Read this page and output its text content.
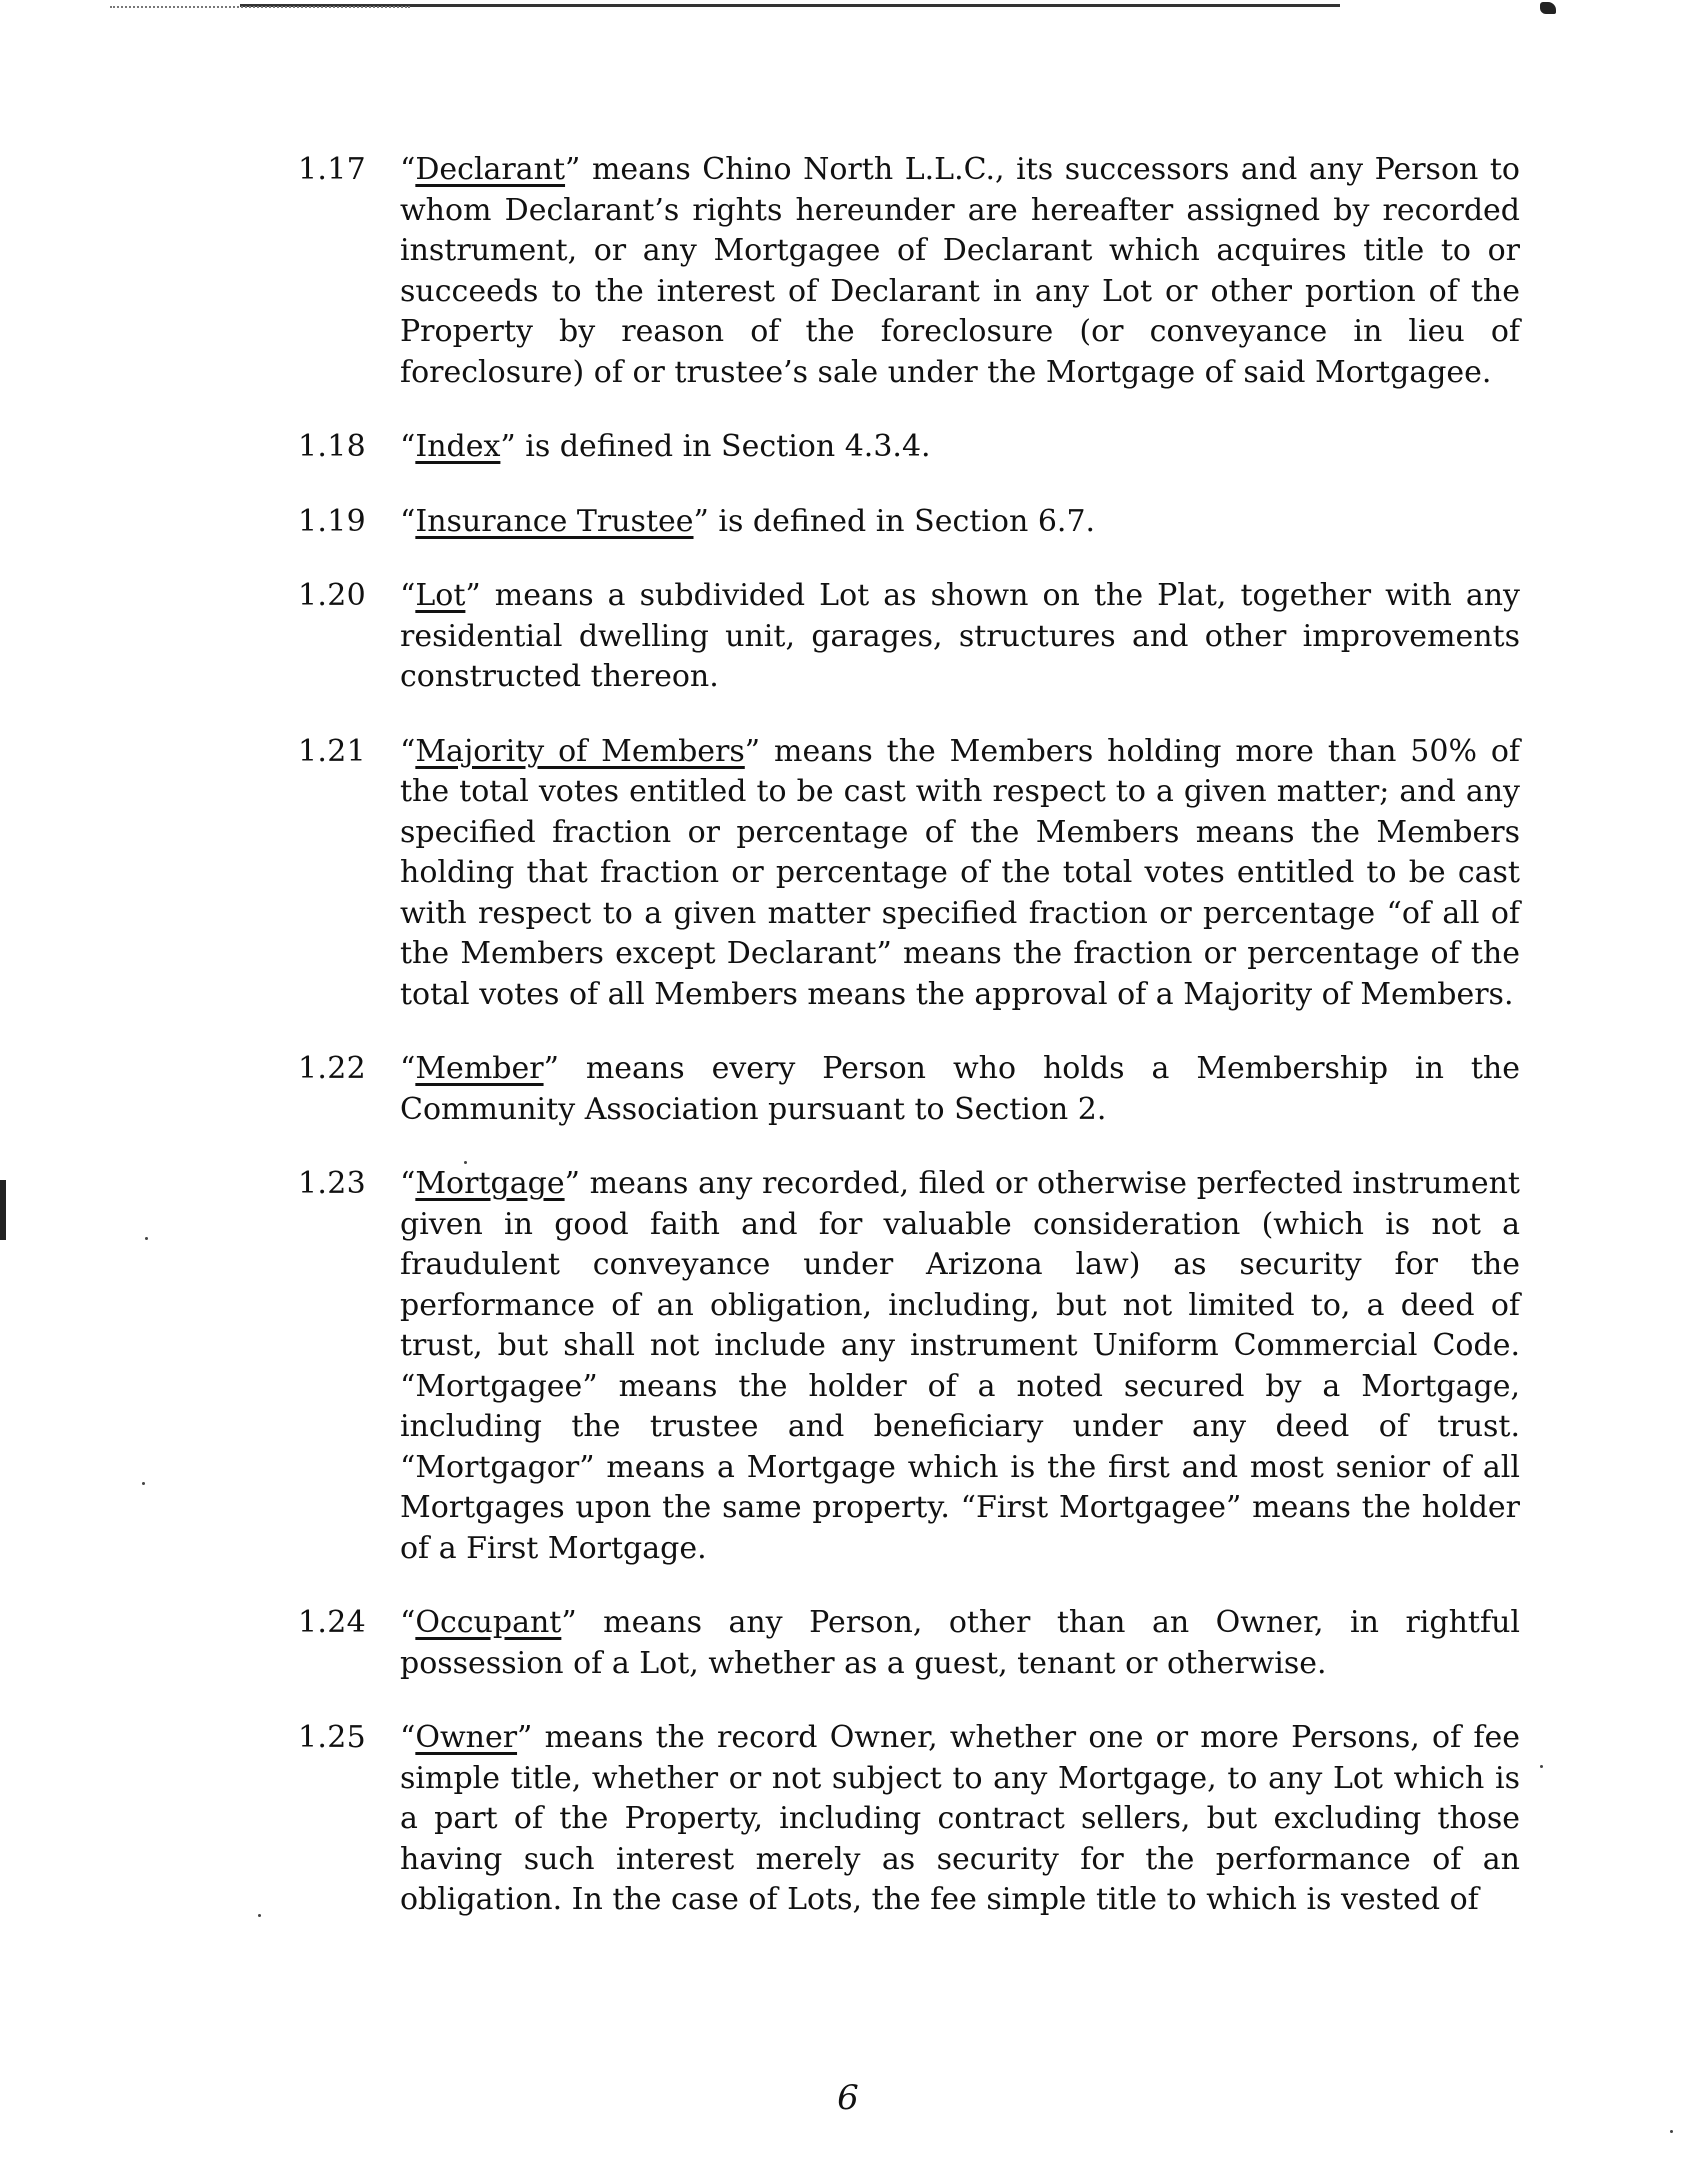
1.17	“Declarant” means Chino North L.L.C., its successors and any Person to whom Declarant’s rights hereunder are hereafter assigned by recorded instrument, or any Mortgagee of Declarant which acquires title to or succeeds to the interest of Declarant in any Lot or other portion of the Property by reason of the foreclosure (or conveyance in lieu of foreclosure) of or trustee’s sale under the Mortgage of said Mortgagee.
1.18	“Index” is defined in Section 4.3.4.
1.19	“Insurance Trustee” is defined in Section 6.7.
1.20	“Lot” means a subdivided Lot as shown on the Plat, together with any residential dwelling unit, garages, structures and other improvements constructed thereon.
1.21	“Majority of Members” means the Members holding more than 50% of the total votes entitled to be cast with respect to a given matter; and any specified fraction or percentage of the Members means the Members holding that fraction or percentage of the total votes entitled to be cast with respect to a given matter specified fraction or percentage “of all of the Members except Declarant” means the fraction or percentage of the total votes of all Members means the approval of a Majority of Members.
1.22	“Member” means every Person who holds a Membership in the Community Association pursuant to Section 2.
1.23	“Mortgage” means any recorded, filed or otherwise perfected instrument given in good faith and for valuable consideration (which is not a fraudulent conveyance under Arizona law) as security for the performance of an obligation, including, but not limited to, a deed of trust, but shall not include any instrument Uniform Commercial Code. “Mortgagee” means the holder of a noted secured by a Mortgage, including the trustee and beneficiary under any deed of trust. “Mortgagor” means a Mortgage which is the first and most senior of all Mortgages upon the same property. “First Mortgagee” means the holder of a First Mortgage.
1.24	“Occupant” means any Person, other than an Owner, in rightful possession of a Lot, whether as a guest, tenant or otherwise.
1.25	“Owner” means the record Owner, whether one or more Persons, of fee simple title, whether or not subject to any Mortgage, to any Lot which is a part of the Property, including contract sellers, but excluding those having such interest merely as security for the performance of an obligation. In the case of Lots, the fee simple title to which is vested of
6
